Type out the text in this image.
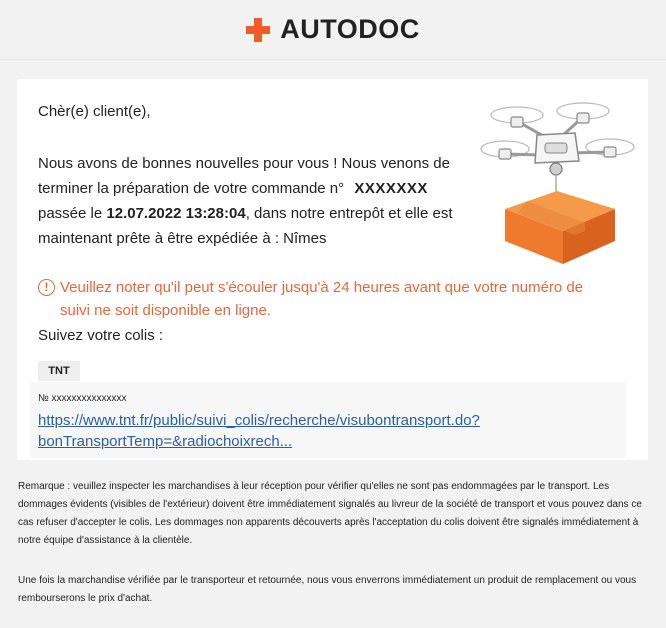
AUTODOC
Chèr(e) client(e),
Nous avons de bonnes nouvelles pour vous ! Nous venons de terminer la préparation de votre commande n° XXXXXXX passée le 12.07.2022 13:28:04, dans notre entrepôt et elle est maintenant prête à être expédiée à : Nîmes
! Veuillez noter qu'il peut s'écouler jusqu'à 24 heures avant que votre numéro de suivi ne soit disponible en ligne.
Suivez votre colis :
TNT
№ xxxxxxxxxxxxxxx
https://www.tnt.fr/public/suivi_colis/recherche/visubontransport.do?bonTransportTemp=&radiochoixrech...
Remarque : veuillez inspecter les marchandises à leur réception pour vérifier qu'elles ne sont pas endommagées par le transport. Les dommages évidents (visibles de l'extérieur) doivent être immédiatement signalés au livreur de la société de transport et vous pouvez dans ce cas refuser d'accepter le colis. Les dommages non apparents découverts après l'acceptation du colis doivent être signalés immédiatement à notre équipe d'assistance à la clientèle.
Une fois la marchandise vérifiée par le transporteur et retournée, nous vous enverrons immédiatement un produit de remplacement ou vous rembourserons le prix d'achat.
